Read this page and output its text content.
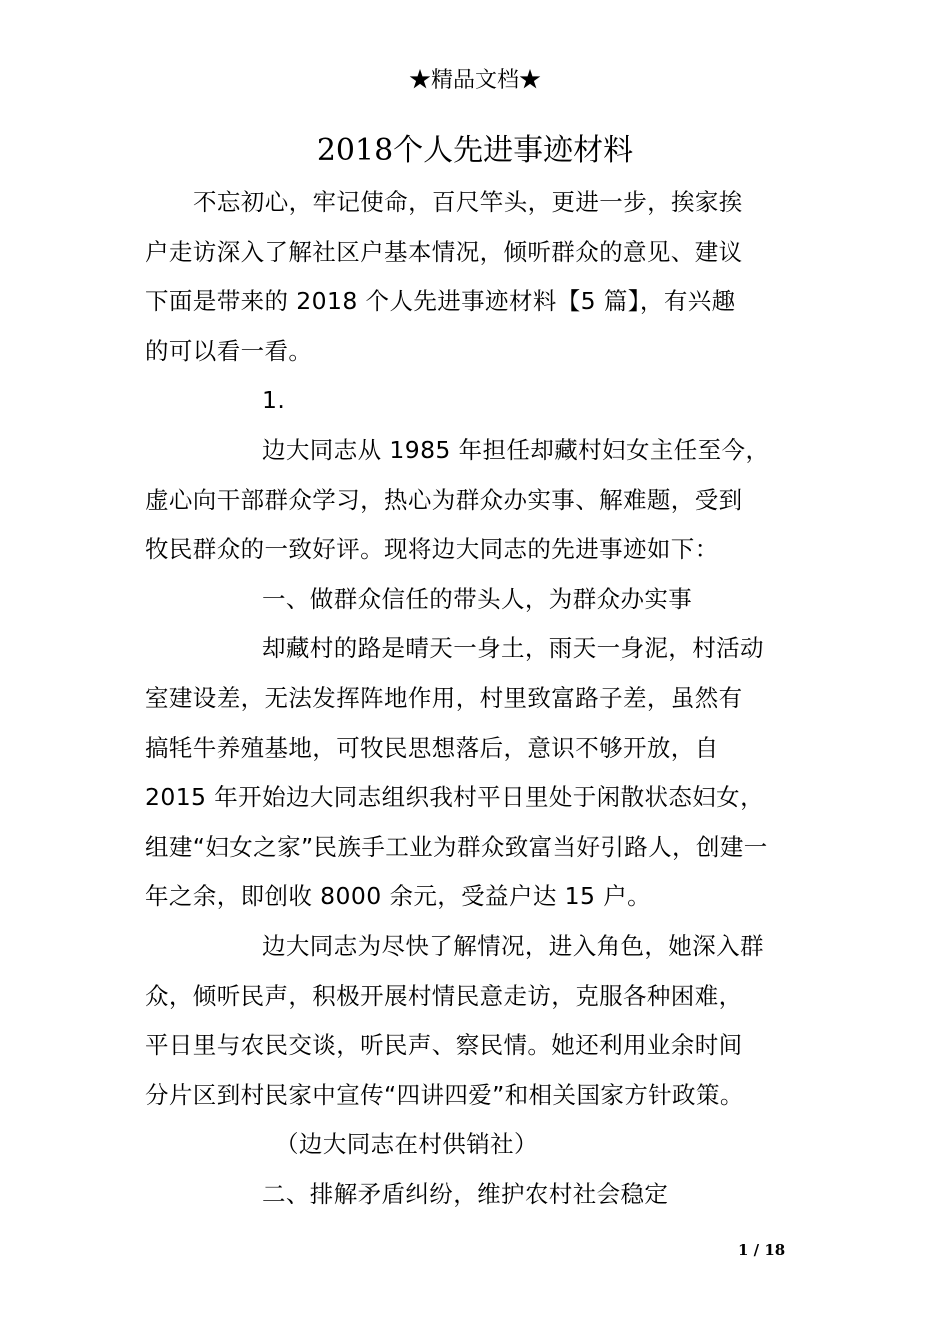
★精品文档★
2018个人先进事迹材料

不忘初心，牢记使命，百尺竿头，更进一步，挨家挨

户走访深入了解社区户基本情况，倾听群众的意见、建议

下面是带来的 2018 个人先进事迹材料【5 篇】，有兴趣

的可以看一看。

1.

边大同志从 1985 年担任却藏村妇女主任至今，

虚心向干部群众学习，热心为群众办实事、解难题，受到

牧民群众的一致好评。现将边大同志的先进事迹如下：

一、做群众信任的带头人，为群众办实事

却藏村的路是晴天一身土，雨天一身泥，村活动

室建设差，无法发挥阵地作用，村里致富路子差，虽然有

搞牦牛养殖基地，可牧民思想落后，意识不够开放，自

2015 年开始边大同志组织我村平日里处于闲散状态妇女，

组建“妇女之家”民族手工业为群众致富当好引路人，创建一

年之余，即创收 8000 余元，受益户达 15 户。

边大同志为尽快了解情况，进入角色，她深入群

众，倾听民声，积极开展村情民意走访，克服各种困难，

平日里与农民交谈，听民声、察民情。她还利用业余时间

分片区到村民家中宣传“四讲四爱”和相关国家方针政策。

（边大同志在村供销社）

二、排解矛盾纠纷，维护农村社会稳定

1 / 18
